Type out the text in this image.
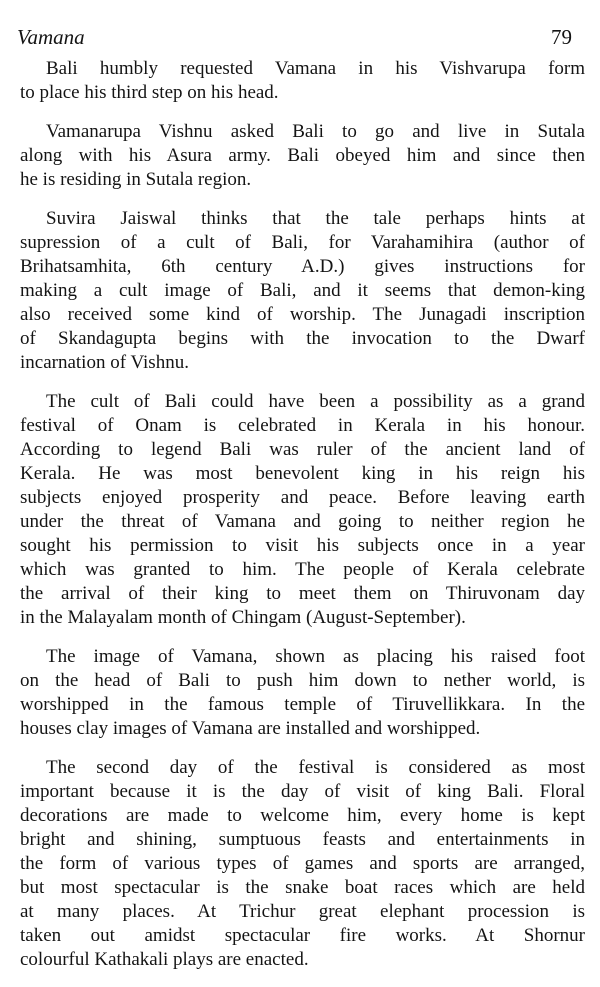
Vamana	79
Bali humbly requested Vamana in his Vishvarupa form
to place his third step on his head.
Vamanarupa Vishnu asked Bali to go and live in Sutala
along with his Asura army. Bali obeyed him and since then
he is residing in Sutala region.
Suvira Jaiswal thinks that the tale perhaps hints at
supression of a cult of Bali, for Varahamihira (author of
Brihatsamhita, 6th century A.D.) gives instructions for
making a cult image of Bali, and it seems that demon-king
also received some kind of worship. The Junagadi inscription
of Skandagupta begins with the invocation to the Dwarf
incarnation of Vishnu.
The cult of Bali could have been a possibility as a grand
festival of Onam is celebrated in Kerala in his honour.
According to legend Bali was ruler of the ancient land of
Kerala. He was most benevolent king in his reign his
subjects enjoyed prosperity and peace. Before leaving earth
under the threat of Vamana and going to neither region he
sought his permission to visit his subjects once in a year
which was granted to him. The people of Kerala celebrate
the arrival of their king to meet them on Thiruvonam day
in the Malayalam month of Chingam (August-September).
The image of Vamana, shown as placing his raised foot
on the head of Bali to push him down to nether world, is
worshipped in the famous temple of Tiruvellikkara. In the
houses clay images of Vamana are installed and worshipped.
The second day of the festival is considered as most
important because it is the day of visit of king Bali. Floral
decorations are made to welcome him, every home is kept
bright and shining, sumptuous feasts and entertainments in
the form of various types of games and sports are arranged,
but most spectacular is the snake boat races which are held
at many places. At Trichur great elephant procession is
taken out amidst spectacular fire works. At Shornur
colourful Kathakali plays are enacted.
